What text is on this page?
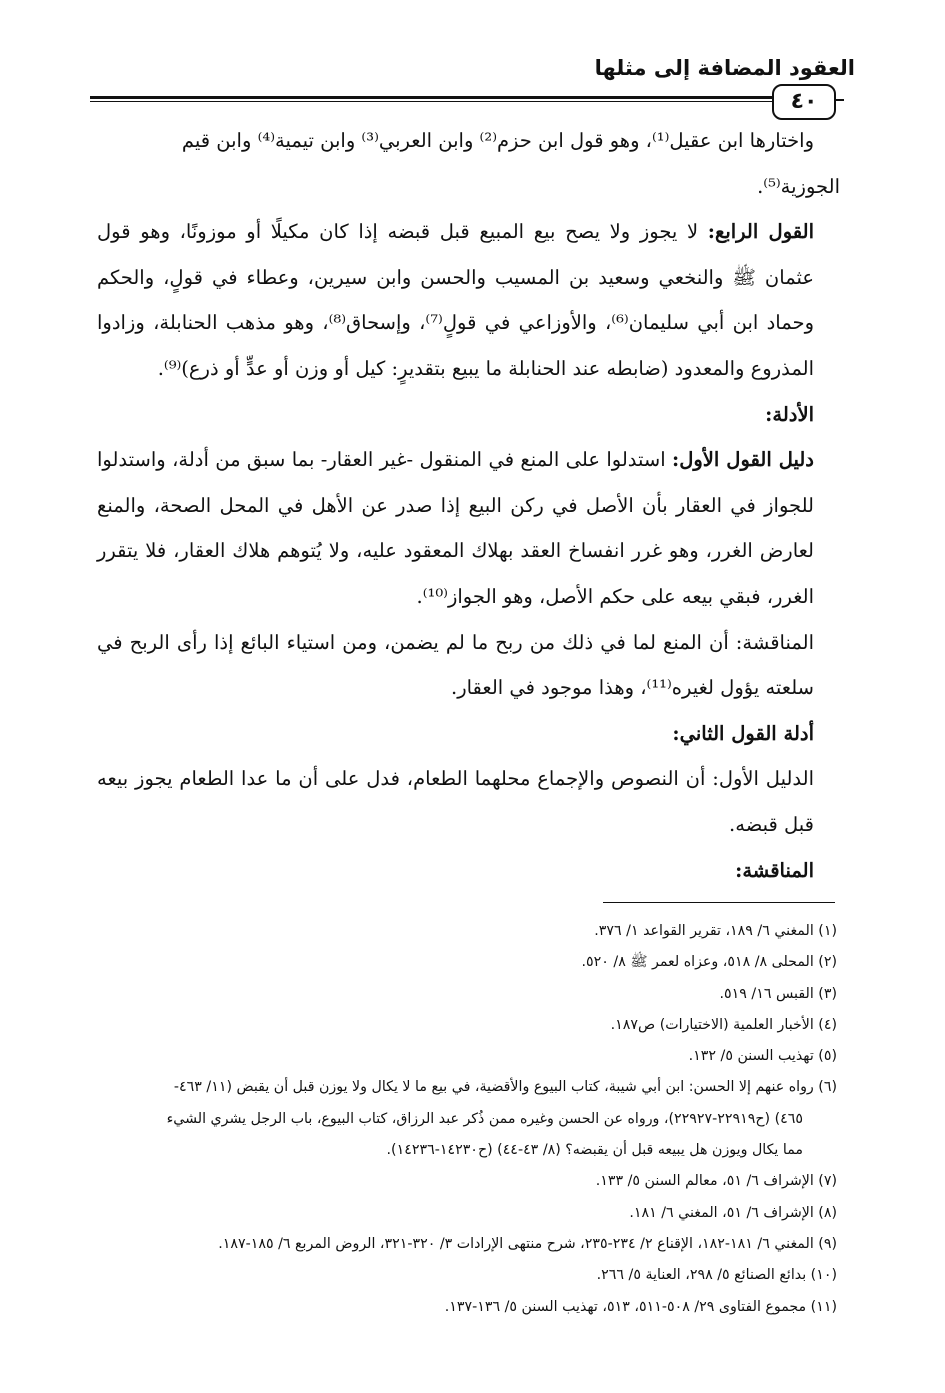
العقود المضافة إلى مثلها
٤٠

واختارها ابن عقيل⁽¹⁾، وهو قول ابن حزم⁽²⁾ وابن العربي⁽³⁾ وابن تيمية⁽⁴⁾ وابن قيم

الجوزية⁽⁵⁾.

القول الرابع: لا يجوز ولا يصح بيع المبيع قبل قبضه إذا كان مكيلًا أو موزونًا، وهو قول عثمان ﷺ والنخعي وسعيد بن المسيب والحسن وابن سيرين، وعطاء في قولٍ، والحكم وحماد ابن أبي سليمان⁽⁶⁾، والأوزاعي في قولٍ⁽⁷⁾، وإسحاق⁽⁸⁾، وهو مذهب الحنابلة، وزادوا المذروع والمعدود (ضابطه عند الحنابلة ما يبيع بتقديرٍ: كيل أو وزن أو عدٍّ أو ذرع)⁽⁹⁾.

الأدلة:

دليل القول الأول: استدلوا على المنع في المنقول -غير العقار- بما سبق من أدلة، واستدلوا للجواز في العقار بأن الأصل في ركن البيع إذا صدر عن الأهل في المحل الصحة، والمنع لعارض الغرر، وهو غرر انفساخ العقد بهلاك المعقود عليه، ولا يُتوهم هلاك العقار، فلا يتقرر الغرر، فبقي بيعه على حكم الأصل، وهو الجواز⁽¹⁰⁾.

المناقشة: أن المنع لما في ذلك من ربح ما لم يضمن، ومن استياء البائع إذا رأى الربح في سلعته يؤول لغيره⁽¹¹⁾، وهذا موجود في العقار.

أدلة القول الثاني:

الدليل الأول: أن النصوص والإجماع محلهما الطعام، فدل على أن ما عدا الطعام يجوز بيعه قبل قبضه.

المناقشة:

(١) المغني ٦/ ١٨٩، تقرير القواعد ١/ ٣٧٦.

(٢) المحلى ٨/ ٥١٨، وعزاه لعمر ﷺ ٨/ ٥٢٠.

(٣) القبس ١٦/ ٥١٩.

(٤) الأخبار العلمية (الاختيارات) ص١٨٧.

(٥) تهذيب السنن ٥/ ١٣٢.

(٦) رواه عنهم إلا الحسن: ابن أبي شيبة، كتاب البيوع والأقضية، في بيع ما لا يكال ولا يوزن قبل أن يقبض (١١/ ٤٦٣-

٤٦٥) (ح٢٢٩١٩-٢٢٩٢٧)، ورواه عن الحسن وغيره ممن ذُكر عبد الرزاق، كتاب البيوع، باب الرجل يشري الشيء

مما يكال ويوزن هل يبيعه قبل أن يقبضه؟ (٨/ ٤٣-٤٤) (ح١٤٢٣٠-١٤٢٣٦).

(٧) الإشراف ٦/ ٥١، معالم السنن ٥/ ١٣٣.

(٨) الإشراف ٦/ ٥١، المغني ٦/ ١٨١.

(٩) المغني ٦/ ١٨١-١٨٢، الإقناع ٢/ ٢٣٤-٢٣٥، شرح منتهى الإرادات ٣/ ٣٢٠-٣٢١، الروض المربع ٦/ ١٨٥-١٨٧.

(١٠) بدائع الصنائع ٥/ ٢٩٨، العناية ٥/ ٢٦٦.

(١١) مجموع الفتاوى ٢٩/ ٥٠٨-٥١١، ٥١٣، تهذيب السنن ٥/ ١٣٦-١٣٧.
